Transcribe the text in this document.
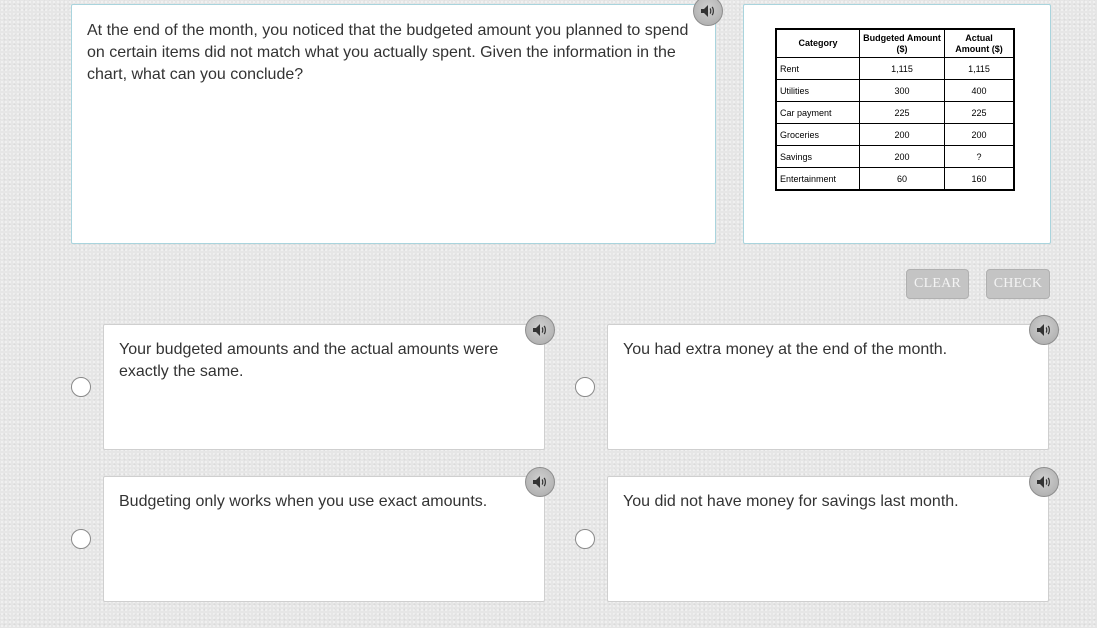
At the end of the month, you noticed that the budgeted amount you planned to spend on certain items did not match what you actually spent. Given the information in the chart, what can you conclude?
Category	Budgeted Amount ($)	Actual Amount ($)
Rent	1,115	1,115
Utilities	300	400
Car payment	225	225
Groceries	200	200
Savings	200	?
Entertainment	60	160
CLEAR	CHECK
Your budgeted amounts and the actual amounts were exactly the same.
You had extra money at the end of the month.
Budgeting only works when you use exact amounts.	You did not have money for savings last month.
